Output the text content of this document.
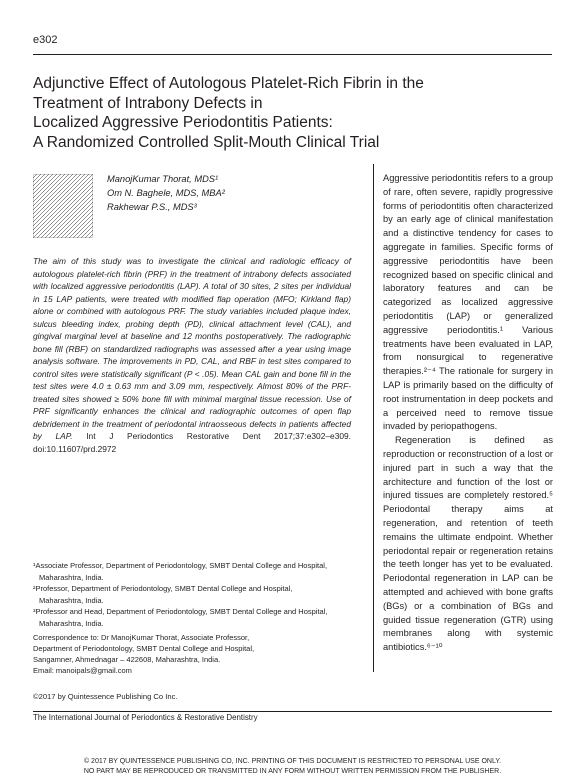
e302
Adjunctive Effect of Autologous Platelet-Rich Fibrin in the
Treatment of Intrabony Defects in
Localized Aggressive Periodontitis Patients:
A Randomized Controlled Split-Mouth Clinical Trial
ManojKumar Thorat, MDS¹
Om N. Baghele, MDS, MBA²
Rakhewar P.S., MDS³

The aim of this study was to investigate the clinical and radiologic efficacy of autologous platelet-rich fibrin (PRF) in the treatment of intrabony defects associated with localized aggressive periodontitis (LAP). A total of 30 sites, 2 sites per individual in 15 LAP patients, were treated with modified flap operation (MFO; Kirkland flap) alone or combined with autologous PRF. The study variables included plaque index, sulcus bleeding index, probing depth (PD), clinical attachment level (CAL), and gingival marginal level at baseline and 12 months postoperatively. The radiographic bone fill (RBF) on standardized radiographs was assessed after a year using image analysis software. The improvements in PD, CAL, and RBF in test sites compared to control sites were statistically significant (P < .05). Mean CAL gain and bone fill in the test sites were 4.0 ± 0.63 mm and 3.09 mm, respectively. Almost 80% of the PRF-treated sites showed ≥ 50% bone fill with minimal marginal tissue recession. Use of PRF significantly enhances the clinical and radiographic outcomes of open flap debridement in the treatment of periodontal intraosseous defects in patients affected by LAP. Int J Periodontics Restorative Dent 2017;37:e302–e309. doi:10.11607/prd.2972

¹Associate Professor, Department of Periodontology, SMBT Dental College and Hospital,
Maharashtra, India.
²Professor, Department of Periodontology, SMBT Dental College and Hospital,
Maharashtra, India.
³Professor and Head, Department of Periodontology, SMBT Dental College and Hospital,
Maharashtra, India.
Correspondence to: Dr ManojKumar Thorat, Associate Professor,
Department of Periodontology, SMBT Dental College and Hospital,
Sangamner, Ahmednagar – 422608, Maharashtra, India.
Email: manoipals@gmail.com
©2017 by Quintessence Publishing Co Inc.

Aggressive periodontitis refers to a group of rare, often severe, rapidly progressive forms of periodontitis often characterized by an early age of clinical manifestation and a distinctive tendency for cases to aggregate in families. Specific forms of aggressive periodontitis have been recognized based on specific clinical and laboratory features and can be categorized as localized aggressive periodontitis (LAP) or generalized aggressive periodontitis.¹ Various treatments have been evaluated in LAP, from nonsurgical to regenerative therapies.²⁻⁴ The rationale for surgery in LAP is primarily based on the difficulty of root instrumentation in deep pockets and a perceived need to remove tissue invaded by periopathogens.

Regeneration is defined as reproduction or reconstruction of a lost or injured part in such a way that the architecture and function of the lost or injured tissues are completely restored.⁵ Periodontal therapy aims at regeneration, and retention of teeth remains the ultimate endpoint. Whether periodontal repair or regeneration retains the teeth longer has yet to be evaluated. Periodontal regeneration in LAP can be attempted and achieved with bone grafts (BGs) or a combination of BGs and guided tissue regeneration (GTR) using membranes along with systemic antibiotics.⁶⁻¹⁰

The International Journal of Periodontics & Restorative Dentistry
© 2017 BY QUINTESSENCE PUBLISHING CO, INC. PRINTING OF THIS DOCUMENT IS RESTRICTED TO PERSONAL USE ONLY.
NO PART MAY BE REPRODUCED OR TRANSMITTED IN ANY FORM WITHOUT WRITTEN PERMISSION FROM THE PUBLISHER.
